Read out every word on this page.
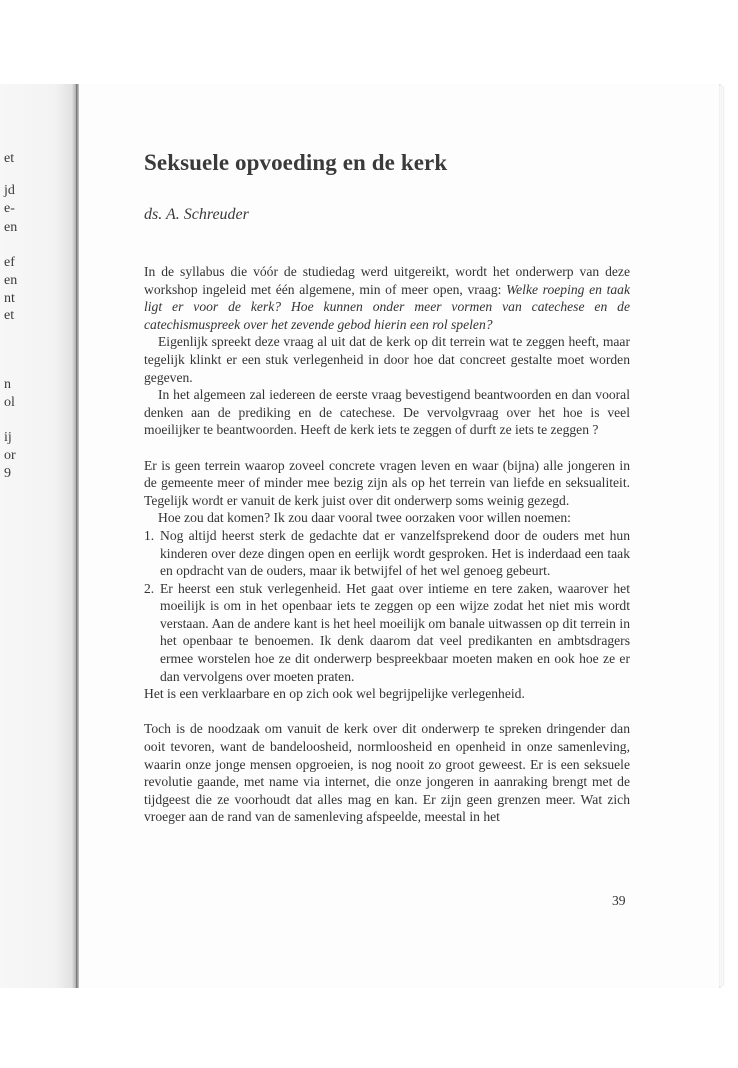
et
jd
e-
en
ef
en
nt
et
n
ol
ij
or
9
Seksuele opvoeding en de kerk
ds. A. Schreuder

In de syllabus die vóór de studiedag werd uitgereikt, wordt het onderwerp van deze workshop ingeleid met één algemene, min of meer open, vraag: Welke roeping en taak ligt er voor de kerk? Hoe kunnen onder meer vormen van catechese en de catechismuspreek over het zevende gebod hierin een rol spelen?

Eigenlijk spreekt deze vraag al uit dat de kerk op dit terrein wat te zeggen heeft, maar tegelijk klinkt er een stuk verlegenheid in door hoe dat concreet gestalte moet worden gegeven.

In het algemeen zal iedereen de eerste vraag bevestigend beantwoorden en dan vooral denken aan de prediking en de catechese. De vervolgvraag over het hoe is veel moeilijker te beantwoorden. Heeft de kerk iets te zeggen of durft ze iets te zeggen ?

Er is geen terrein waarop zoveel concrete vragen leven en waar (bijna) alle jongeren in de gemeente meer of minder mee bezig zijn als op het terrein van liefde en seksualiteit. Tegelijk wordt er vanuit de kerk juist over dit onderwerp soms weinig gezegd.

Hoe zou dat komen? Ik zou daar vooral twee oorzaken voor willen noemen:

1. Nog altijd heerst sterk de gedachte dat er vanzelfsprekend door de ouders met hun kinderen over deze dingen open en eerlijk wordt gesproken. Het is inderdaad een taak en opdracht van de ouders, maar ik betwijfel of het wel genoeg gebeurt.
2. Er heerst een stuk verlegenheid. Het gaat over intieme en tere zaken, waarover het moeilijk is om in het openbaar iets te zeggen op een wijze zodat het niet mis wordt verstaan. Aan de andere kant is het heel moeilijk om banale uitwassen op dit terrein in het openbaar te benoemen. Ik denk daarom dat veel predikanten en ambtsdragers ermee worstelen hoe ze dit onderwerp bespreekbaar moeten maken en ook hoe ze er dan vervolgens over moeten praten.

Het is een verklaarbare en op zich ook wel begrijpelijke verlegenheid.

Toch is de noodzaak om vanuit de kerk over dit onderwerp te spreken dringender dan ooit tevoren, want de bandeloosheid, normloosheid en openheid in onze samenleving, waarin onze jonge mensen opgroeien, is nog nooit zo groot geweest. Er is een seksuele revolutie gaande, met name via internet, die onze jongeren in aanraking brengt met de tijdgeest die ze voorhoudt dat alles mag en kan. Er zijn geen grenzen meer. Wat zich vroeger aan de rand van de samenleving afspeelde, meestal in het

39
